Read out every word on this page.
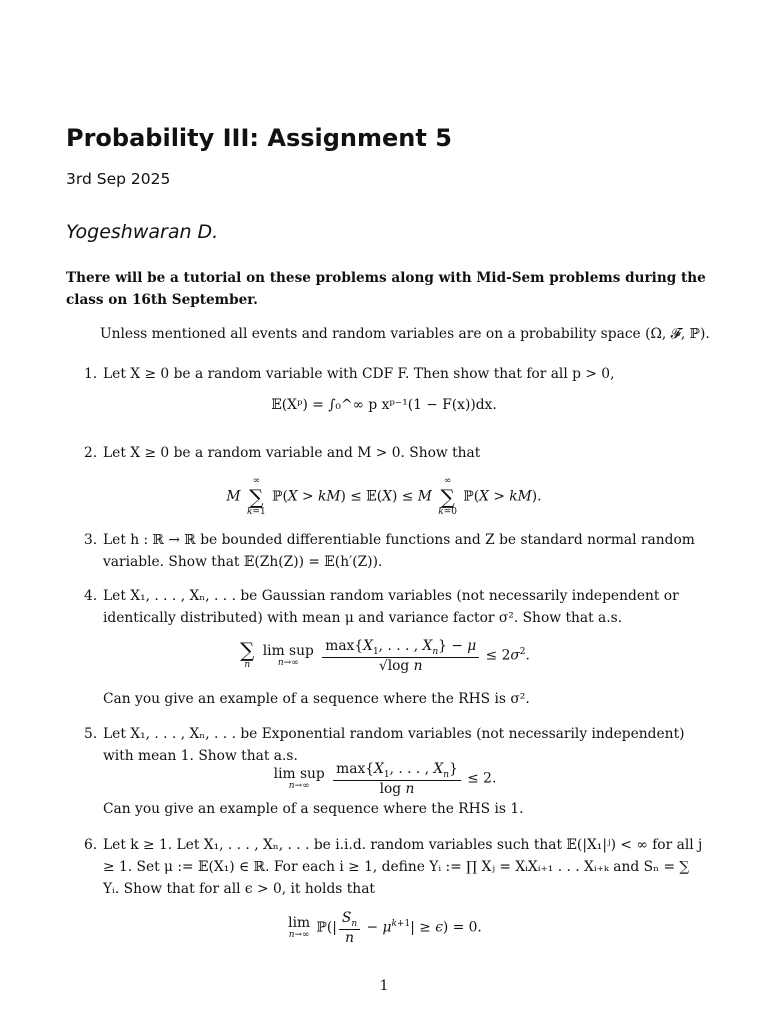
Probability III: Assignment 5
3rd Sep 2025
Yogeshwaran D.
There will be a tutorial on these problems along with Mid-Sem problems during the class on 16th September.
Unless mentioned all events and random variables are on a probability space (Ω, 𝓕, ℙ).
1. Let X ≥ 0 be a random variable with CDF F. Then show that for all p > 0,
𝔼(Xᵖ) = ∫₀^∞ p xᵖ⁻¹(1 − F(x))dx.
2. Let X ≥ 0 be a random variable and M > 0. Show that
M
∞
∑
k=1
ℙ(X > kM) ≤ 𝔼(X) ≤ M
∞
∑
k=0
ℙ(X > kM).
3. Let h : ℝ → ℝ be bounded differentiable functions and Z be standard normal random variable. Show that 𝔼(Zh(Z)) = 𝔼(h′(Z)).
4. Let X₁, . . . , Xₙ, . . . be Gaussian random variables (not necessarily independent or identically distributed) with mean μ and variance factor σ². Show that a.s.
∑
n
lim sup
n→∞
	$\frac{\max\{X_1, . . . , X_n\} - \mu}{\text{√log n}} \le 2\sigma^2$.
Can you give an example of a sequence where the RHS is σ².
5. Let X₁, . . . , Xₙ, . . . be Exponential random variables (not necessarily independent) with mean 1. Show that a.s.
lim sup
n→∞
	$\frac{\max\{X_1, . . . , X_n\}}{\text{log n}} \le 2$.
Can you give an example of a sequence where the RHS is 1.
6. Let k ≥ 1. Let X₁, . . . , Xₙ, . . . be i.i.d. random variables such that 𝔼(|X₁|ʲ) < ∞ for all j ≥ 1. Set μ := 𝔼(X₁) ∈ ℝ. For each i ≥ 1, define Yᵢ := ∏ Xⱼ = XᵢXᵢ₊₁ . . . Xᵢ₊ₖ and Sₙ = ∑ Yᵢ. Show that for all ϵ > 0, it holds that
lim
n→∞ ℙ(| $\frac{S_n}{n} - \mu^{k+1}| \ge \epsilon) = 0$.
1
